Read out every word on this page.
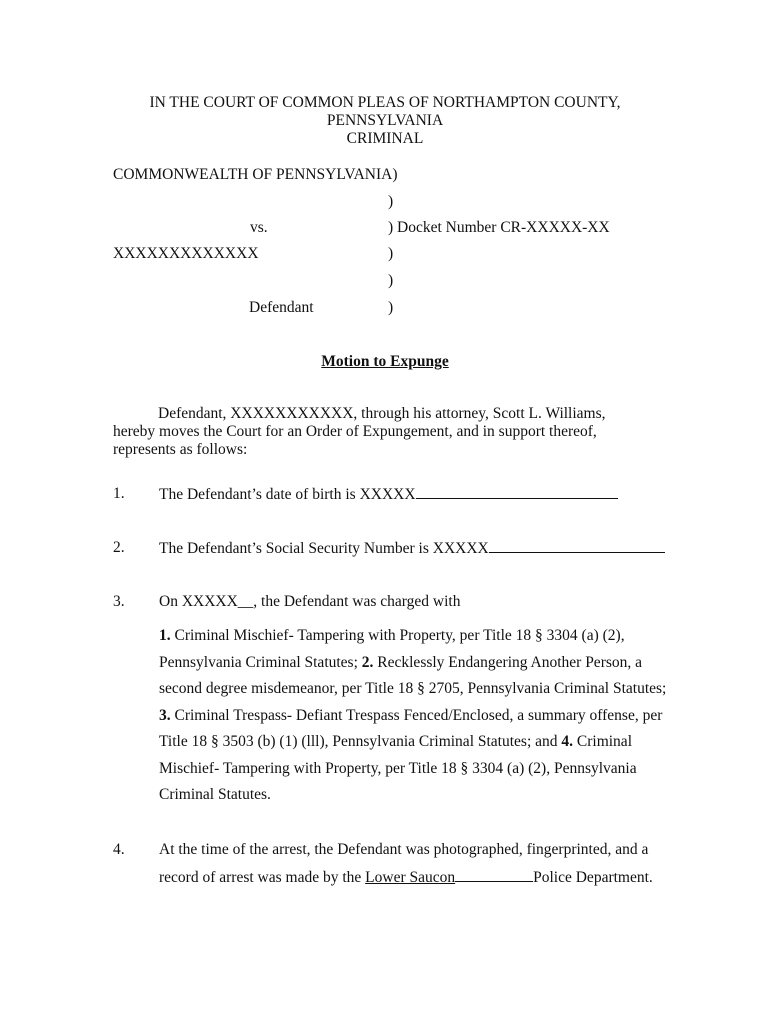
IN THE COURT OF COMMON PLEAS OF NORTHAMPTON COUNTY,
PENNSYLVANIA
CRIMINAL
COMMONWEALTH OF PENNSYLVANIA)
)
vs.	) Docket Number CR-XXXXX-XX
XXXXXXXXXXXXX	)
)
Defendant	)
Motion to Expunge
Defendant, XXXXXXXXXXX, through his attorney, Scott L. Williams, hereby moves the Court for an Order of Expungement, and in support thereof, represents as follows:
1. The Defendant’s date of birth is XXXXX
2. The Defendant’s Social Security Number is XXXXX
3. On XXXXX__, the Defendant was charged with
1. Criminal Mischief- Tampering with Property, per Title 18 § 3304 (a) (2), Pennsylvania Criminal Statutes; 2. Recklessly Endangering Another Person, a second degree misdemeanor, per Title 18 § 2705, Pennsylvania Criminal Statutes; 3. Criminal Trespass- Defiant Trespass Fenced/Enclosed, a summary offense, per Title 18 § 3503 (b) (1) (lll), Pennsylvania Criminal Statutes; and 4. Criminal Mischief- Tampering with Property, per Title 18 § 3304 (a) (2), Pennsylvania Criminal Statutes.
4. At the time of the arrest, the Defendant was photographed, fingerprinted, and a
record of arrest was made by the Lower Saucon	Police Department.
